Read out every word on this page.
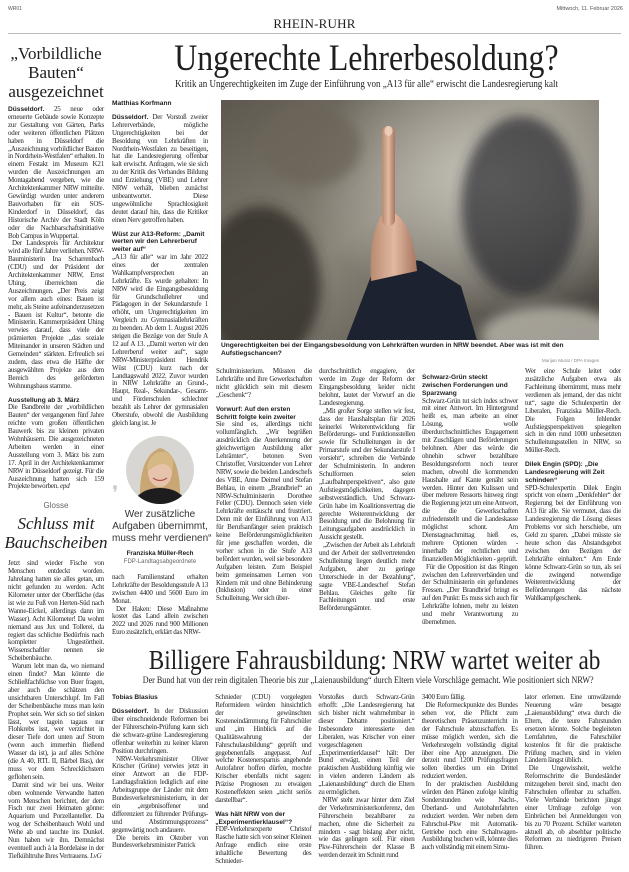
WR01	Mittwoch, 11. Februar 2026
RHEIN-RUHR
„Vorbildliche
Bauten“
ausgezeichnet

Düsseldorf. 25 neue oder erneuerte Gebäude sowie Konzepte zur Gestaltung von Gärten, Parks oder weiteren öffentlichen Plätzen haben in Düsseldorf die „Auszeichnung vorbildlicher Bauten in Nordrhein-Westfalen“ erhalten. In einem Festakt im Museum K21 wurden die Auszeichnungen am Montagabend vergeben, wie die Architektenkammer NRW mitteilte. Gewürdigt wurden unter anderem Bauvorhaben für ein SOS-Kinderdorf in Düsseldorf, das Historische Archiv der Stadt Köln oder die Nachbarschaftsinitiative Bob Campus in Wuppertal.

Der Landespreis für Architektur wird alle fünf Jahre verliehen. NRW-Bauministerin Ina Scharrenbach (CDU) und der Präsident der Architektenkammer NRW, Ernst Uhing, überreichten die Auszeichnungen. „Der Preis zeigt vor allem auch eines: Bauen ist mehr, als Steine aufeinanderzusetzen - Bauen ist Kultur“, betonte die Ministerin. Kammerpräsident Uhing verwies darauf, dass viele der prämierten Projekte „das soziale Miteinander in unseren Städten und Gemeinden“ stärkten. Erfreulich sei zudem, dass etwa die Hälfte der ausgewählten Projekte aus dem Bereich des geförderten Wohnungsbaus stamme.

Ausstellung ab 3. März

Die Bandbreite der „vorbildlichen Bauten“ der vergangenen fünf Jahre reichte vom großen öffentlichen Bauwerk bis zu kleinen privaten Wohnhäusern. Die ausgezeichneten Arbeiten werden in einer Ausstellung vom 3. März bis zum 17. April in der Architektenkammer NRW in Düsseldorf gezeigt. Für die Auszeichnung hatten sich 159 Projekte beworben. epd

Glosse
Schluss mit
Bauchscheiben

Jetzt sind wieder Fische von Menschen entdeckt worden. Jahrelang hatten sie alles getan, um nicht gefunden zu werden. Acht Kilometer unter der Oberfläche (das ist wie zu Fuß von Herten-Süd nach Wanne-Eickel, allerdings dann im Wasser). Acht Kilometer! Da wohnt niemand aus Jux und Tollerei, da regiert das schlichte Bedürfnis nach kompletter Ungestörtheit. Wissenschaftler nennen sie Scheibenbäuche.

Warum lebt man da, wo niemand einen findet? Man könnte die Schließfachfüchse von Buer fragen, aber auch die schätzen den unsichtbaren Unterschlupf. Im Fall der Scheibenbäuche muss man kein Prophet sein. Wer sich so tief sinken lässt, wer tagein tagaus nur Flohkrebs isst, wer verzichtet in dieser Tiefe dort unten auf Strom (wenn auch immerhin fließend Wasser da ist), ja auf alles Schöne (die A 40, RTL II, Bärbel Bas), der muss vor dem Schrecklichstem geflohen sein.

Damit sind wir bei uns. Weiter oben wohnende Verwandte hatten vom Menschen berichtet, der dem Fisch nur zwei Heimaten gönne: Aquarium und Porzellanteller. Da wog der Scheibenbauch Wohl und Wehe ab und tauchte ins Dunkel. Nun haben wir ihn. Demnächst eventuell auch à la Bordelaise in der Tiefkühltruhe Ihres Vertrauens. LvG

Ungerechte Lehrerbesoldung?
Kritik an Ungerechtigkeiten im Zuge der Einführung von „A13 für alle“ erwischt die Landesregierung kalt
Matthias Korfmann

Düsseldorf. Der Vorstoß zweier Lehrerverbände, mögliche Ungerechtigkeiten bei der Besoldung von Lehrkräften in Nordrhein-Westfalen zu beseitigen, hat die Landesregierung offenbar kalt erwischt. Anfragen, wie sie sich zu der Kritik des Verbandes Bildung und Erziehung (VBE) und Lehrer NRW verhält, blieben zunächst unbeantwortet. Diese ungewöhnliche Sprachlosigkeit deutet darauf hin, dass die Kritiker einen Nerv getroffen haben.

Wüst zur A13-Reform: „Damit werten wir den Lehrerberuf weiter auf“

„A13 für alle“ war im Jahr 2022 eines der zentralen Wahlkampfversprechen an Lehrkräfte. Es wurde gehalten: In NRW wird die Eingangsbesoldung für Grundschullehrer und Pädagogen in der Sekundarstufe 1 erhöht, um Ungerechtigkeiten im Vergleich zu Gymnasiallehrkräften zu beenden. Ab dem 1. August 2026 steigen die Bezüge von der Stufe A 12 auf A 13. „Damit werten wir den Lehrerberuf weiter auf“, sagte NRW-Ministerpräsident Hendrik Wüst (CDU) kurz nach der Landtagswahl 2022. Zuvor wurden in NRW Lehrkräfte an Grund-, Haupt, Real-, Sekundar-, Gesamt- und Förderschulen schlechter bezahlt als Lehrer der gymnasialen Oberstufe, obwohl die Ausbildung gleich lang ist. Je

❜
Wer zusätzliche
Aufgaben übernimmt,
muss mehr verdienen“
Franziska Müller-Rech
FDP-Landtagsabgeordnete

nach Familienstand erhalten Lehrkräfte der Besoldungsstufe A 13 zwischen 4400 und 5600 Euro im Monat.

Der Haken: Diese Maßnahme kostet das Land allein zwischen 2022 und 2026 rund 900 Millionen Euro zusätzlich, erklärt das NRW-

Ungerechtigkeiten bei der Eingangsbesoldung von Lehrkräften wurden in NRW beendet. Aber was ist mit den Aufstiegschancen?
Marijan Murat / DPA Images

Schulministerium. Müssten die Lehrkräfte und ihre Gewerkschaften nicht glücklich sein mit diesem „Geschenk“?

Vorwurf: Auf den ersten Schritt folgte kein zweiter

Sie sind es, allerdings nicht vollumfänglich. „Wir begrüßen ausdrücklich die Anerkennung der gleichwertigen Ausbildung aller Lehrämter“, betonen Sven Christoffer, Vorsitzender von Lehrer NRW, sowie die beiden Landeschefs des VBE, Anne Deimel und Stefan Behlau, in einem „Brandbrief“ an NRW-Schulministerin Dorothee Feller (CDU). Dennoch seien viele Lehrkräfte enttäuscht und frustriert. Denn mit der Einführung von A13 für Berufsanfänger seien praktisch keine Beförderungsmöglichkeiten für jene geschaffen worden, die vorher schon in die Stufe A13 befördert wurden, weil sie besondere Aufgaben leisten. Zum Beispiel beim gemeinsamen Lernen von Kindern mit und ohne Behinderung (Inklusion) oder in einer Schulleitung. Wer sich über-

durchschnittlich engagiere, der werde im Zuge der Reform der Eingangsbesoldung keider nicht belohnt, lautet der Vorwurf an die Landesregierung.

„Mit großer Sorge stellen wir fest, dass der Haushaltsplan für 2026 keinerlei Weiterentwicklung für Beförderungs- und Funktionsstellen sowie für Schulleitungen in der Primarstufe und der Sekundarstufe I vorsieht“, schreiben die Verbände der Schulministerin. In anderen Schulformen seien „Laufbahnperspektiven“, also gute Aufstiegsmöglichkeiten, dagegen selbstverständlich. Und Schwarz-Grün habe im Koalitionsvertrag die gerechte Weiterentwicklung der Besoldung und die Belohnung für Leitungsaufgaben ausdrücklich in Aussicht gestellt.

„Zwischen der Arbeit als Lehrkraft und der Arbeit der stellvertretenden Schulleitung liegen deutlich mehr Aufgaben, aber zu geringe Unterschiede in der Bezahlung“, sagte VBE-Landeschef Stefan Behlau. Gleiches gelte für Fachleitungen und erste Beförderungsämter.

Schwarz-Grün steckt zwischen Forderungen und Sparzwang

Schwarz-Grün tut sich indes schwer mit einer Antwort. Im Hintergrund heißt es, man arbeite an einer Lösung, wolle überdurchschnittliches Engagement mit Zuschlägen und Beförderungen belohnen. Aber das würde die ohnehin schwer bezahlbare Besoldungsreform noch teurer machen, obwohl die kommenden Haushalte auf Kante genäht sein werden. Hinter den Kulissen und über mehrere Ressorts hinweg ringt die Regierung jetzt um eine Antwort, die die Gewerkschaften zufriedenstellt und die Landeskasse möglichst schont. Am Dienstagnachmittag hieß es, mehrere Optionen würden - innerhalb der rechtlichen und finanziellen Möglichkeiten - geprüft.

Für die Opposition ist das Ringen zwischen den Lehrerverbänden und der Schulministerin ein gefundenes Fressen. „Der Brandbrief bringt es auf den Punkt: Es muss sich auch für Lehrkräfte lohnen, mehr zu leisten und mehr Verantwortung zu übernehmen.

Wer eine Schule leitet oder zusätzliche Aufgaben etwa als Fachleitung übernimmt, muss mehr verdienen als jemand, der das nicht tut“, sagte die Schulexpertin der Liberalen, Franziska Müller-Rech. Die Folgen fehlender Aufstiegsperspektiven spiegelten sich in den rund 1000 unbesetzten Schulleitungsstellen in NRW, so Müller-Rech.

Dilek Engin (SPD): „Die Landesregierung will Zeit schinden“

SPD-Schulexpertin Dilek Engin spricht von einem „Denkfehler“ der Regierung bei der Einführung von A13 für alle. Sie vermutet, dass die Landesregierung die Lösung dieses Problems vor sich herschiebe, um Geld zu sparen. „Dabei müsste sie heute schon das Abstandsgebot zwischen den Bezügen der Lehrkräfte einhalten.“ Am Ende könne Schwarz-Grün so tun, als sei die zwingend notwendige Weiterentwicklung der Beförderungen das nächste Wahlkampfgeschenk.

Billigere Fahrausbildung: NRW wartet weiter ab
Der Bund hat von der rein digitalen Theorie bis zur „Laienausbildung“ durch Eltern viele Vorschläge gemacht. Wie positioniert sich NRW?
Tobias Blasius

Düsseldorf. In der Diskussion über einschneidende Reformen bei der Führerschein-Prüfung kann sich die schwarz-grüne Landesregierung offenbar weiterhin zu keiner klaren Position durchringen.

NRW-Verkehrsminister Oliver Krischer (Grüne) verwies jetzt in einer Antwort an die FDP-Landtagsfraktion lediglich auf eine Arbeitsgruppe der Länder mit dem Bundesverkehrsministerium, in der ein „ergebnisoffener und differenziert zu führender Prüfungs- und Abstimmungsprozess“ gegenwärtig noch andauere.

Die bereits im Oktober von Bundesverkehrsminister Patrick

Schnieder (CDU) vorgelegten Reformideen würden hinsichtlich der gewünschten Kosteneindämmung für Fahrschüler und „im Hinblick auf die Qualitätswahrung der Fahrschulausbildung“ geprüft und gegebenenfalls angepasst. Auf welche Kostenersparnis angehende Autofahrer hoffen dürfen, mochte Krischer ebenfalls nicht sagen: Präzise Prognosen zu etwaigen Kosteneffekten seien „nicht seriös darstellbar“.

Was hält NRW von der „Experimentierklausel“?

FDP-Verkehrsexperte Christof Rasche hatte sich von seiner Kleinen Anfrage endlich eine erste inhaltliche Bewertung des Schnieder-

Vorstoßes durch Schwarz-Grün erhofft: „Die Landesregierung hat sich bisher nicht wahrnehmbar in dieser Debatte positioniert.“ Insbesondere interessierte den Liberalen, was Krischer von einer vorgeschlagenen „Experimentierklausel“ hält: Der Bund erwägt, einen Teil der praktischen Ausbildung künftig wie in vielen anderen Ländern als „Laienausbildung“ durch die Eltern zu ermöglichen.

NRW steht zwar hinter dem Ziel der Verkehrsministerkonferenz, den Führerschein bezahlbarer zu machen, ohne die Sicherheit zu mindern - sagt bislang aber nicht, wie das gelingen soll. Für einen Pkw-Führerschein der Klasse B werden derzeit im Schnitt rund

3400 Euro fällig.

Die Reformeckpunkte des Bundes sehen vor, die Pflicht zum theoretischen Präsenzunterricht in der Fahrschule abzuschaffen. Es müsse möglich werden, sich die Verkehrsregeln vollständig digital über eine App anzueignen. Die derzeit rund 1200 Prüfungsfragen sollen überdies um ein Drittel reduziert werden.

In der praktischen Ausbildung würden den Plänen zufolge künftig Sonderstunden wie Nacht-, Überland- und Autobahnfahrten reduziert werden. Wer neben dem Fahrschul-Pkw mit Automatik-Getriebe noch eine Schaltwagen-Ausbildung buchen will, könnte dies auch vollständig mit einem Simu-

lator erlernen. Eine umwälzende Neuerung wäre besagte „Laienausbildung“ etwa durch die Eltern, die teure Fahrstunden ersetzen könnte. Solche begleiteten Lernfahrten, die Fahrschüler kostenlos fit für die praktische Prüfung machen, sind in vielen Ländern längst üblich.

Die Ungewissheit, welche Reformschritte die Bundesländer mitzugehen bereit sind, macht den Fahrschulen offenbar zu schaffen. Viele Verbände berichten jüngst einer Umfrage zufolge von Einbrüchen bei Anmeldungen von bis zu 70 Prozent. Schüler warteten aktuell ab, ob absehbar politische Reformen zu niedrigeren Preisen führen.
